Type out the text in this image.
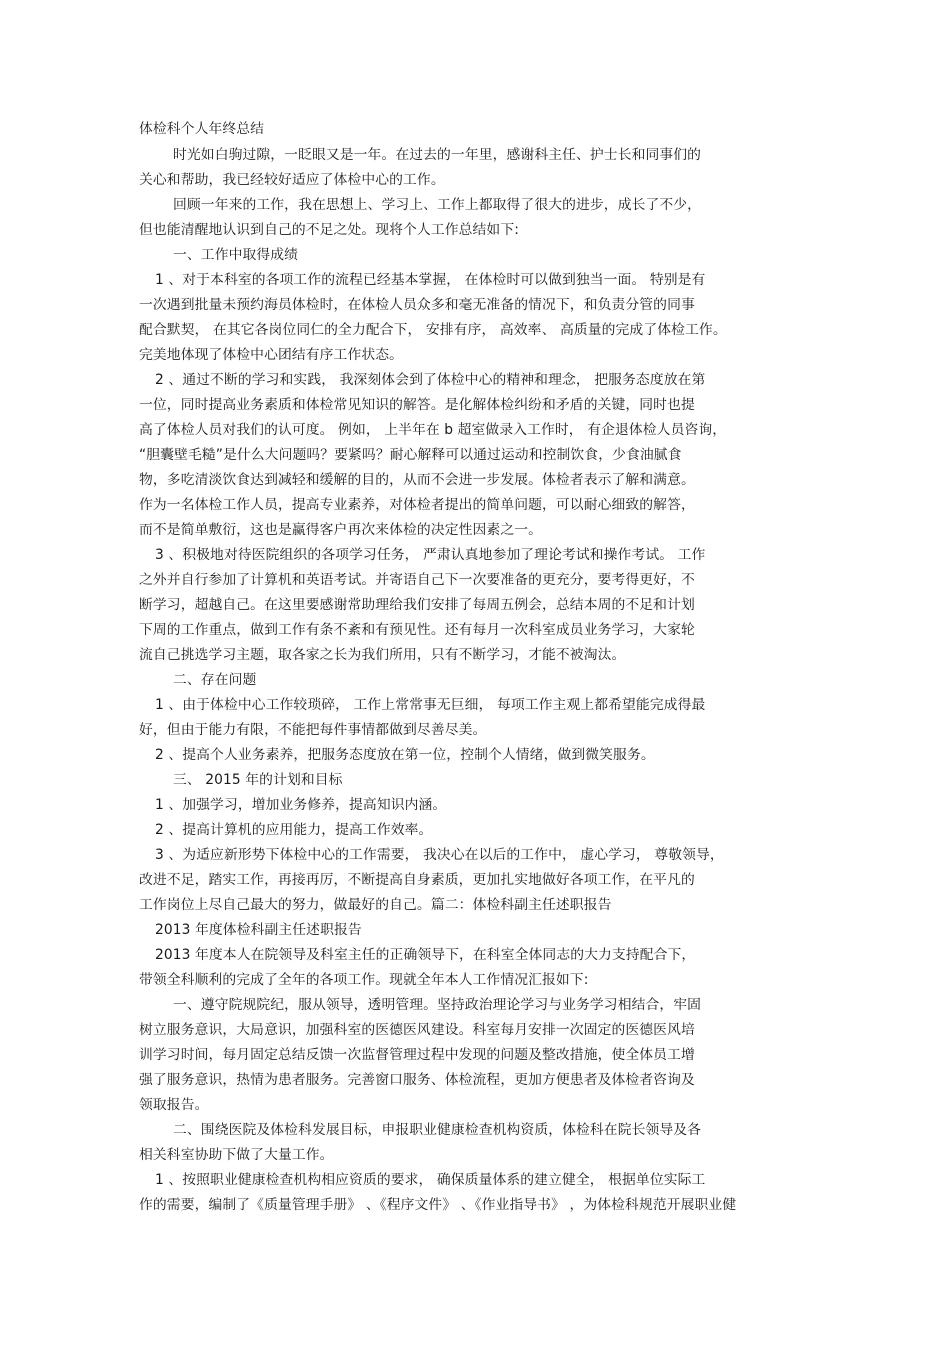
体检科个人年终总结
时光如白驹过隙，一眨眼又是一年。在过去的一年里，感谢科主任、护士长和同事们的
关心和帮助，我已经较好适应了体检中心的工作。
回顾一年来的工作，我在思想上、学习上、工作上都取得了很大的进步，成长了不少，
但也能清醒地认识到自己的不足之处。现将个人工作总结如下:
一、工作中取得成绩
1 、对于本科室的各项工作的流程已经基本掌握， 在体检时可以做到独当一面。 特别是有
一次遇到批量未预约海员体检时，在体检人员众多和毫无准备的情况下，和负责分管的同事
配合默契， 在其它各岗位同仁的全力配合下， 安排有序， 高效率、 高质量的完成了体检工作。
完美地体现了体检中心团结有序工作状态。
2 、通过不断的学习和实践， 我深刻体会到了体检中心的精神和理念， 把服务态度放在第
一位，同时提高业务素质和体检常见知识的解答。是化解体检纠纷和矛盾的关键，同时也提
高了体检人员对我们的认可度。 例如， 上半年在 b 超室做录入工作时， 有企退体检人员咨询，
“胆囊壁毛糙”是什么大问题吗？要紧吗？耐心解释可以通过运动和控制饮食，少食油腻食
物，多吃清淡饮食达到减轻和缓解的目的，从而不会进一步发展。体检者表示了解和满意。
作为一名体检工作人员，提高专业素养，对体检者提出的简单问题，可以耐心细致的解答，
而不是简单敷衍，这也是赢得客户再次来体检的决定性因素之一。
3 、积极地对待医院组织的各项学习任务， 严肃认真地参加了理论考试和操作考试。 工作
之外并自行参加了计算机和英语考试。并寄语自己下一次要准备的更充分，要考得更好，不
断学习，超越自己。在这里要感谢常助理给我们安排了每周五例会，总结本周的不足和计划
下周的工作重点，做到工作有条不紊和有预见性。还有每月一次科室成员业务学习，大家轮
流自己挑选学习主题，取各家之长为我们所用，只有不断学习，才能不被淘汰。
二、存在问题
1 、由于体检中心工作较琐碎， 工作上常常事无巨细， 每项工作主观上都希望能完成得最
好，但由于能力有限，不能把每件事情都做到尽善尽美。
2 、提高个人业务素养，把服务态度放在第一位，控制个人情绪，做到微笑服务。
三、 2015 年的计划和目标
1 、加强学习，增加业务修养，提高知识内涵。
2 、提高计算机的应用能力，提高工作效率。
3 、为适应新形势下体检中心的工作需要， 我决心在以后的工作中， 虚心学习， 尊敬领导，
改进不足，踏实工作，再接再厉，不断提高自身素质，更加扎实地做好各项工作，在平凡的
工作岗位上尽自己最大的努力，做最好的自己。篇二：体检科副主任述职报告
2013 年度体检科副主任述职报告
2013 年度本人在院领导及科室主任的正确领导下，在科室全体同志的大力支持配合下，
带领全科顺利的完成了全年的各项工作。现就全年本人工作情况汇报如下:
一、遵守院规院纪，服从领导，透明管理。坚持政治理论学习与业务学习相结合，牢固
树立服务意识，大局意识，加强科室的医德医风建设。科室每月安排一次固定的医德医风培
训学习时间，每月固定总结反馈一次监督管理过程中发现的问题及整改措施，使全体员工增
强了服务意识，热情为患者服务。完善窗口服务、体检流程，更加方便患者及体检者咨询及
领取报告。
二、围绕医院及体检科发展目标，申报职业健康检查机构资质，体检科在院长领导及各
相关科室协助下做了大量工作。
1 、按照职业健康检查机构相应资质的要求， 确保质量体系的建立健全， 根据单位实际工
作的需要，编制了《质量管理手册》 、《程序文件》 、《作业指导书》 ，为体检科规范开展职业健
